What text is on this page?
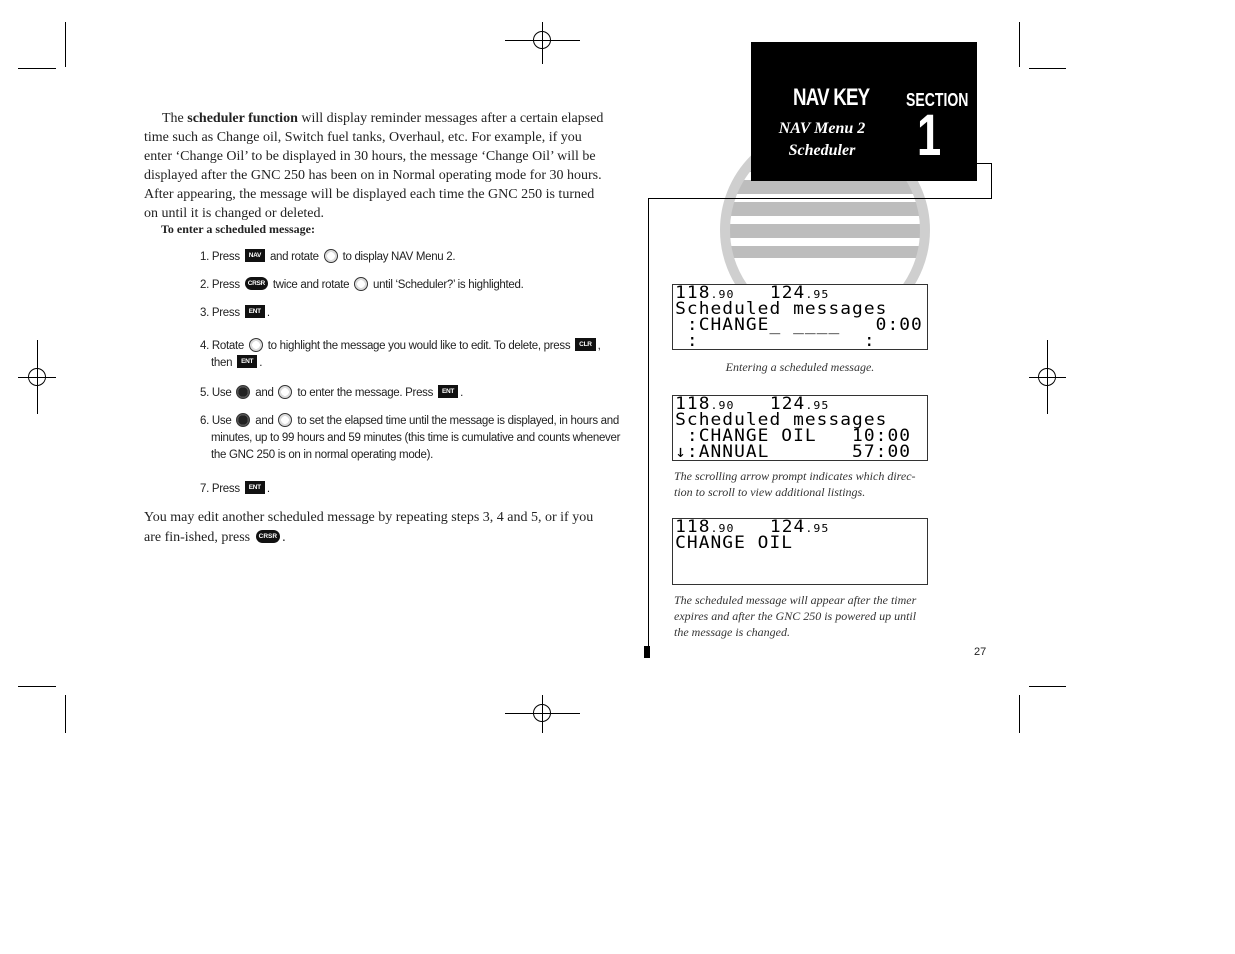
The scheduler function will display reminder messages after a certain elapsed time such as Change oil, Switch fuel tanks, Overhaul, etc. For example, if you enter ‘Change Oil’ to be displayed in 30 hours, the message ‘Change Oil’ will be displayed after the GNC 250 has been on in Normal operating mode for 30 hours. After appearing, the message will be displayed each time the GNC 250 is turned on until it is changed or deleted.

To enter a scheduled message:
1. Press NAV and rotate to display NAV Menu 2.
2. Press CRSR twice and rotate until ‘Scheduler?’ is highlighted.
3. Press ENT .
4. Rotate to highlight the message you would like to edit. To delete, press CLR ,
then ENT .
5. Use and to enter the message. Press ENT .
6. Use and to set the elapsed time until the message is displayed, in hours and
minutes, up to 99 hours and 59 minutes (this time is cumulative and counts whenever
the GNC 250 is on in normal operating mode).
7. Press ENT .

You may edit another scheduled message by repeating steps 3, 4 and 5, or if you are fin-ished, press CRSR .

NAV KEY
NAV Menu 2
Scheduler
SECTION
1
118.90 124.95
Scheduled messages
:CHANGE_ ____   0:00
:___________ __:__
Entering a scheduled message.
118.90 124.95
Scheduled messages
:CHANGE OIL   10:00
↓:ANNUAL       57:00
The scrolling arrow prompt indicates which direc-tion to scroll to view additional listings.
118.90 124.95
CHANGE OIL
The scheduled message will appear after the timer expires and after the GNC 250 is powered up until the message is changed.
27
